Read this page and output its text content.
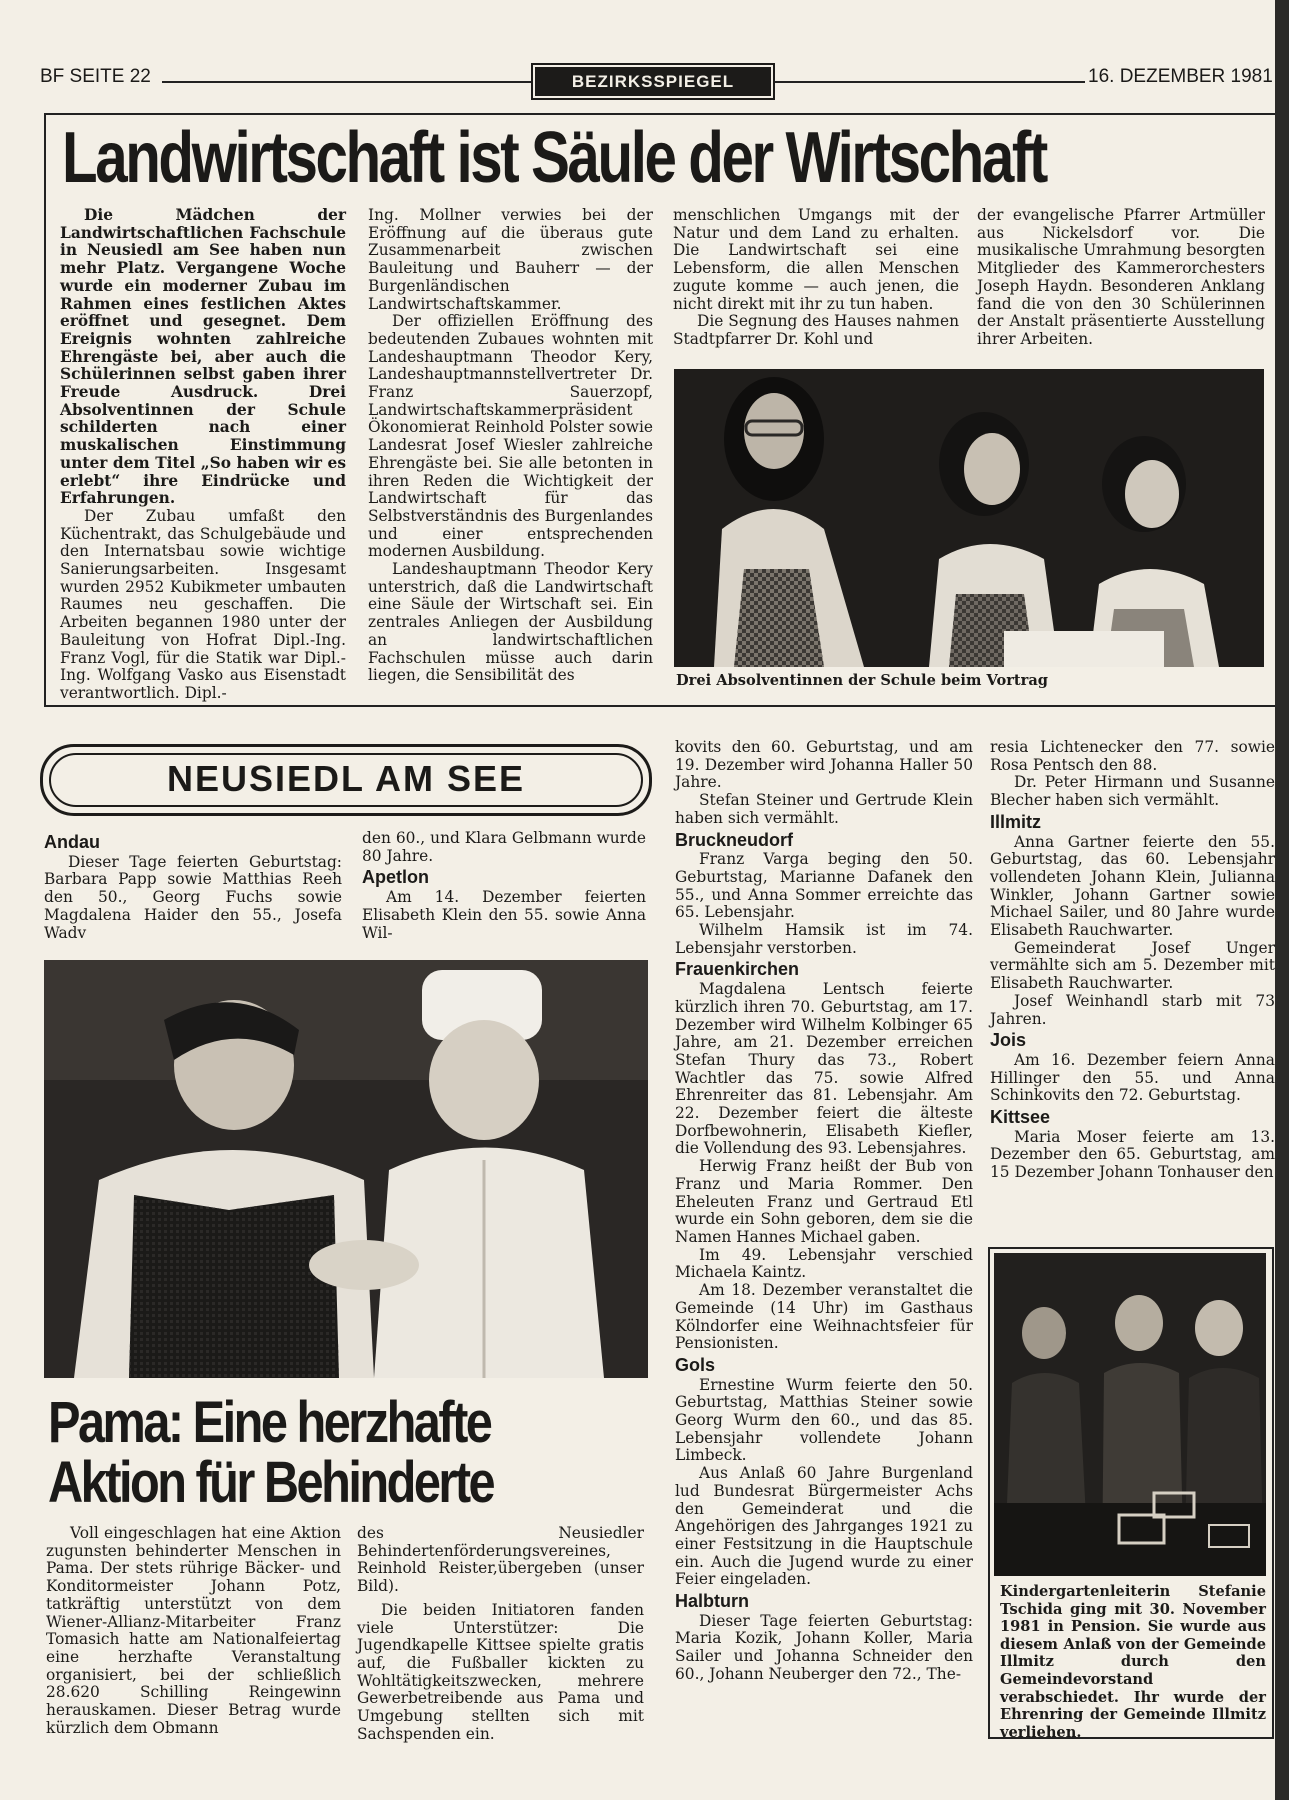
BF SEITE 22	BEZIRKSSPIEGEL	16. DEZEMBER 1981
Landwirtschaft ist Säule der Wirtschaft

Die Mädchen der Landwirtschaftlichen Fachschule in Neusiedl am See haben nun mehr Platz. Vergangene Woche wurde ein moderner Zubau im Rahmen eines festlichen Aktes eröffnet und gesegnet. Dem Ereignis wohnten zahlreiche Ehrengäste bei, aber auch die Schülerinnen selbst gaben ihrer Freude Ausdruck. Drei Absolventinnen der Schule schilderten nach einer muskalischen Einstimmung unter dem Titel „So haben wir es erlebt“ ihre Eindrücke und Erfahrungen.

Der Zubau umfaßt den Küchentrakt, das Schulgebäude und den Internatsbau sowie wichtige Sanierungsarbeiten. Insgesamt wurden 2952 Kubikmeter umbauten Raumes neu geschaffen. Die Arbeiten begannen 1980 unter der Bauleitung von Hofrat Dipl.-Ing. Franz Vogl, für die Statik war Dipl.-Ing. Wolfgang Vasko aus Eisenstadt verantwortlich. Dipl.-

Ing. Mollner verwies bei der Eröffnung auf die überaus gute Zusammenarbeit zwischen Bauleitung und Bauherr — der Burgenländischen Landwirtschaftskammer.

Der offiziellen Eröffnung des bedeutenden Zubaues wohnten mit Landeshauptmann Theodor Kery, Landeshauptmannstellvertreter Dr. Franz Sauerzopf, Landwirtschaftskammerpräsident Ökonomierat Reinhold Polster sowie Landesrat Josef Wiesler zahlreiche Ehrengäste bei. Sie alle betonten in ihren Reden die Wichtigkeit der Landwirtschaft für das Selbstverständnis des Burgenlandes und einer entsprechenden modernen Ausbildung.

Landeshauptmann Theodor Kery unterstrich, daß die Landwirtschaft eine Säule der Wirtschaft sei. Ein zentrales Anliegen der Ausbildung an landwirtschaftlichen Fachschulen müsse auch darin liegen, die Sensibilität des

menschlichen Umgangs mit der Natur und dem Land zu erhalten. Die Landwirtschaft sei eine Lebensform, die allen Menschen zugute komme — auch jenen, die nicht direkt mit ihr zu tun haben.

Die Segnung des Hauses nahmen Stadtpfarrer Dr. Kohl und

der evangelische Pfarrer Artmüller aus Nickelsdorf vor. Die musikalische Umrahmung besorgten Mitglieder des Kammerorchesters Joseph Haydn. Besonderen Anklang fand die von den 30 Schülerinnen der Anstalt präsentierte Ausstellung ihrer Arbeiten.

Drei Absolventinnen der Schule beim Vortrag
NEUSIEDL AM SEE
Andau

Dieser Tage feierten Geburtstag: Barbara Papp sowie Matthias Reeh den 50., Georg Fuchs sowie Magdalena Haider den 55., Josefa Wadv

den 60., und Klara Gelbmann wurde 80 Jahre.

Apetlon

Am 14. Dezember feierten Elisabeth Klein den 55. sowie Anna Wil-

Pama: Eine herzhafte
Aktion für Behinderte

Voll eingeschlagen hat eine Aktion zugunsten behinderter Menschen in Pama. Der stets rührige Bäcker- und Konditormeister Johann Potz, tatkräftig unterstützt von dem Wiener-Allianz-Mitarbeiter Franz Tomasich hatte am Nationalfeiertag eine herzhafte Veranstaltung organisiert, bei der schließlich 28.620 Schilling Reingewinn herauskamen. Dieser Betrag wurde kürzlich dem Obmann

des Neusiedler Behindertenförderungsvereines, Reinhold Reister,übergeben (unser Bild).

Die beiden Initiatoren fanden viele Unterstützer: Die Jugendkapelle Kittsee spielte gratis auf, die Fußballer kickten zu Wohltätigkeitszwecken, mehrere Gewerbetreibende aus Pama und Umgebung stellten sich mit Sachspenden ein.

kovits den 60. Geburtstag, und am 19. Dezember wird Johanna Haller 50 Jahre.

Stefan Steiner und Gertrude Klein haben sich vermählt.

Bruckneudorf

Franz Varga beging den 50. Geburtstag, Marianne Dafanek den 55., und Anna Sommer erreichte das 65. Lebensjahr.

Wilhelm Hamsik ist im 74. Lebensjahr verstorben.

Frauenkirchen

Magdalena Lentsch feierte kürzlich ihren 70. Geburtstag, am 17. Dezember wird Wilhelm Kolbinger 65 Jahre, am 21. Dezember erreichen Stefan Thury das 73., Robert Wachtler das 75. sowie Alfred Ehrenreiter das 81. Lebensjahr. Am 22. Dezember feiert die älteste Dorfbewohnerin, Elisabeth Kiefler, die Vollendung des 93. Lebensjahres.

Herwig Franz heißt der Bub von Franz und Maria Rommer. Den Eheleuten Franz und Gertraud Etl wurde ein Sohn geboren, dem sie die Namen Hannes Michael gaben.

Im 49. Lebensjahr verschied Michaela Kaintz.

Am 18. Dezember veranstaltet die Gemeinde (14 Uhr) im Gasthaus Kölndorfer eine Weihnachtsfeier für Pensionisten.

Gols

Ernestine Wurm feierte den 50. Geburtstag, Matthias Steiner sowie Georg Wurm den 60., und das 85. Lebensjahr vollendete Johann Limbeck.

Aus Anlaß 60 Jahre Burgenland lud Bundesrat Bürgermeister Achs den Gemeinderat und die Angehörigen des Jahrganges 1921 zu einer Festsitzung in die Hauptschule ein. Auch die Jugend wurde zu einer Feier eingeladen.

Halbturn

Dieser Tage feierten Geburtstag: Maria Kozik, Johann Koller, Maria Sailer und Johanna Schneider den 60., Johann Neuberger den 72., The-

resia Lichtenecker den 77. sowie Rosa Pentsch den 88.

Dr. Peter Hirmann und Susanne Blecher haben sich vermählt.

Illmitz

Anna Gartner feierte den 55. Geburtstag, das 60. Lebensjahr vollendeten Johann Klein, Julianna Winkler, Johann Gartner sowie Michael Sailer, und 80 Jahre wurde Elisabeth Rauchwarter.

Gemeinderat Josef Unger vermählte sich am 5. Dezember mit Elisabeth Rauchwarter.

Josef Weinhandl starb mit 73 Jahren.

Jois

Am 16. Dezember feiern Anna Hillinger den 55. und Anna Schinkovits den 72. Geburtstag.

Kittsee

Maria Moser feierte am 13. Dezember den 65. Geburtstag, am 15 Dezember Johann Tonhauser den

Kindergartenleiterin Stefanie Tschida ging mit 30. November 1981 in Pension. Sie wurde aus diesem Anlaß von der Gemeinde Illmitz durch den Gemeindevorstand verabschiedet. Ihr wurde der Ehrenring der Gemeinde Illmitz verliehen.
